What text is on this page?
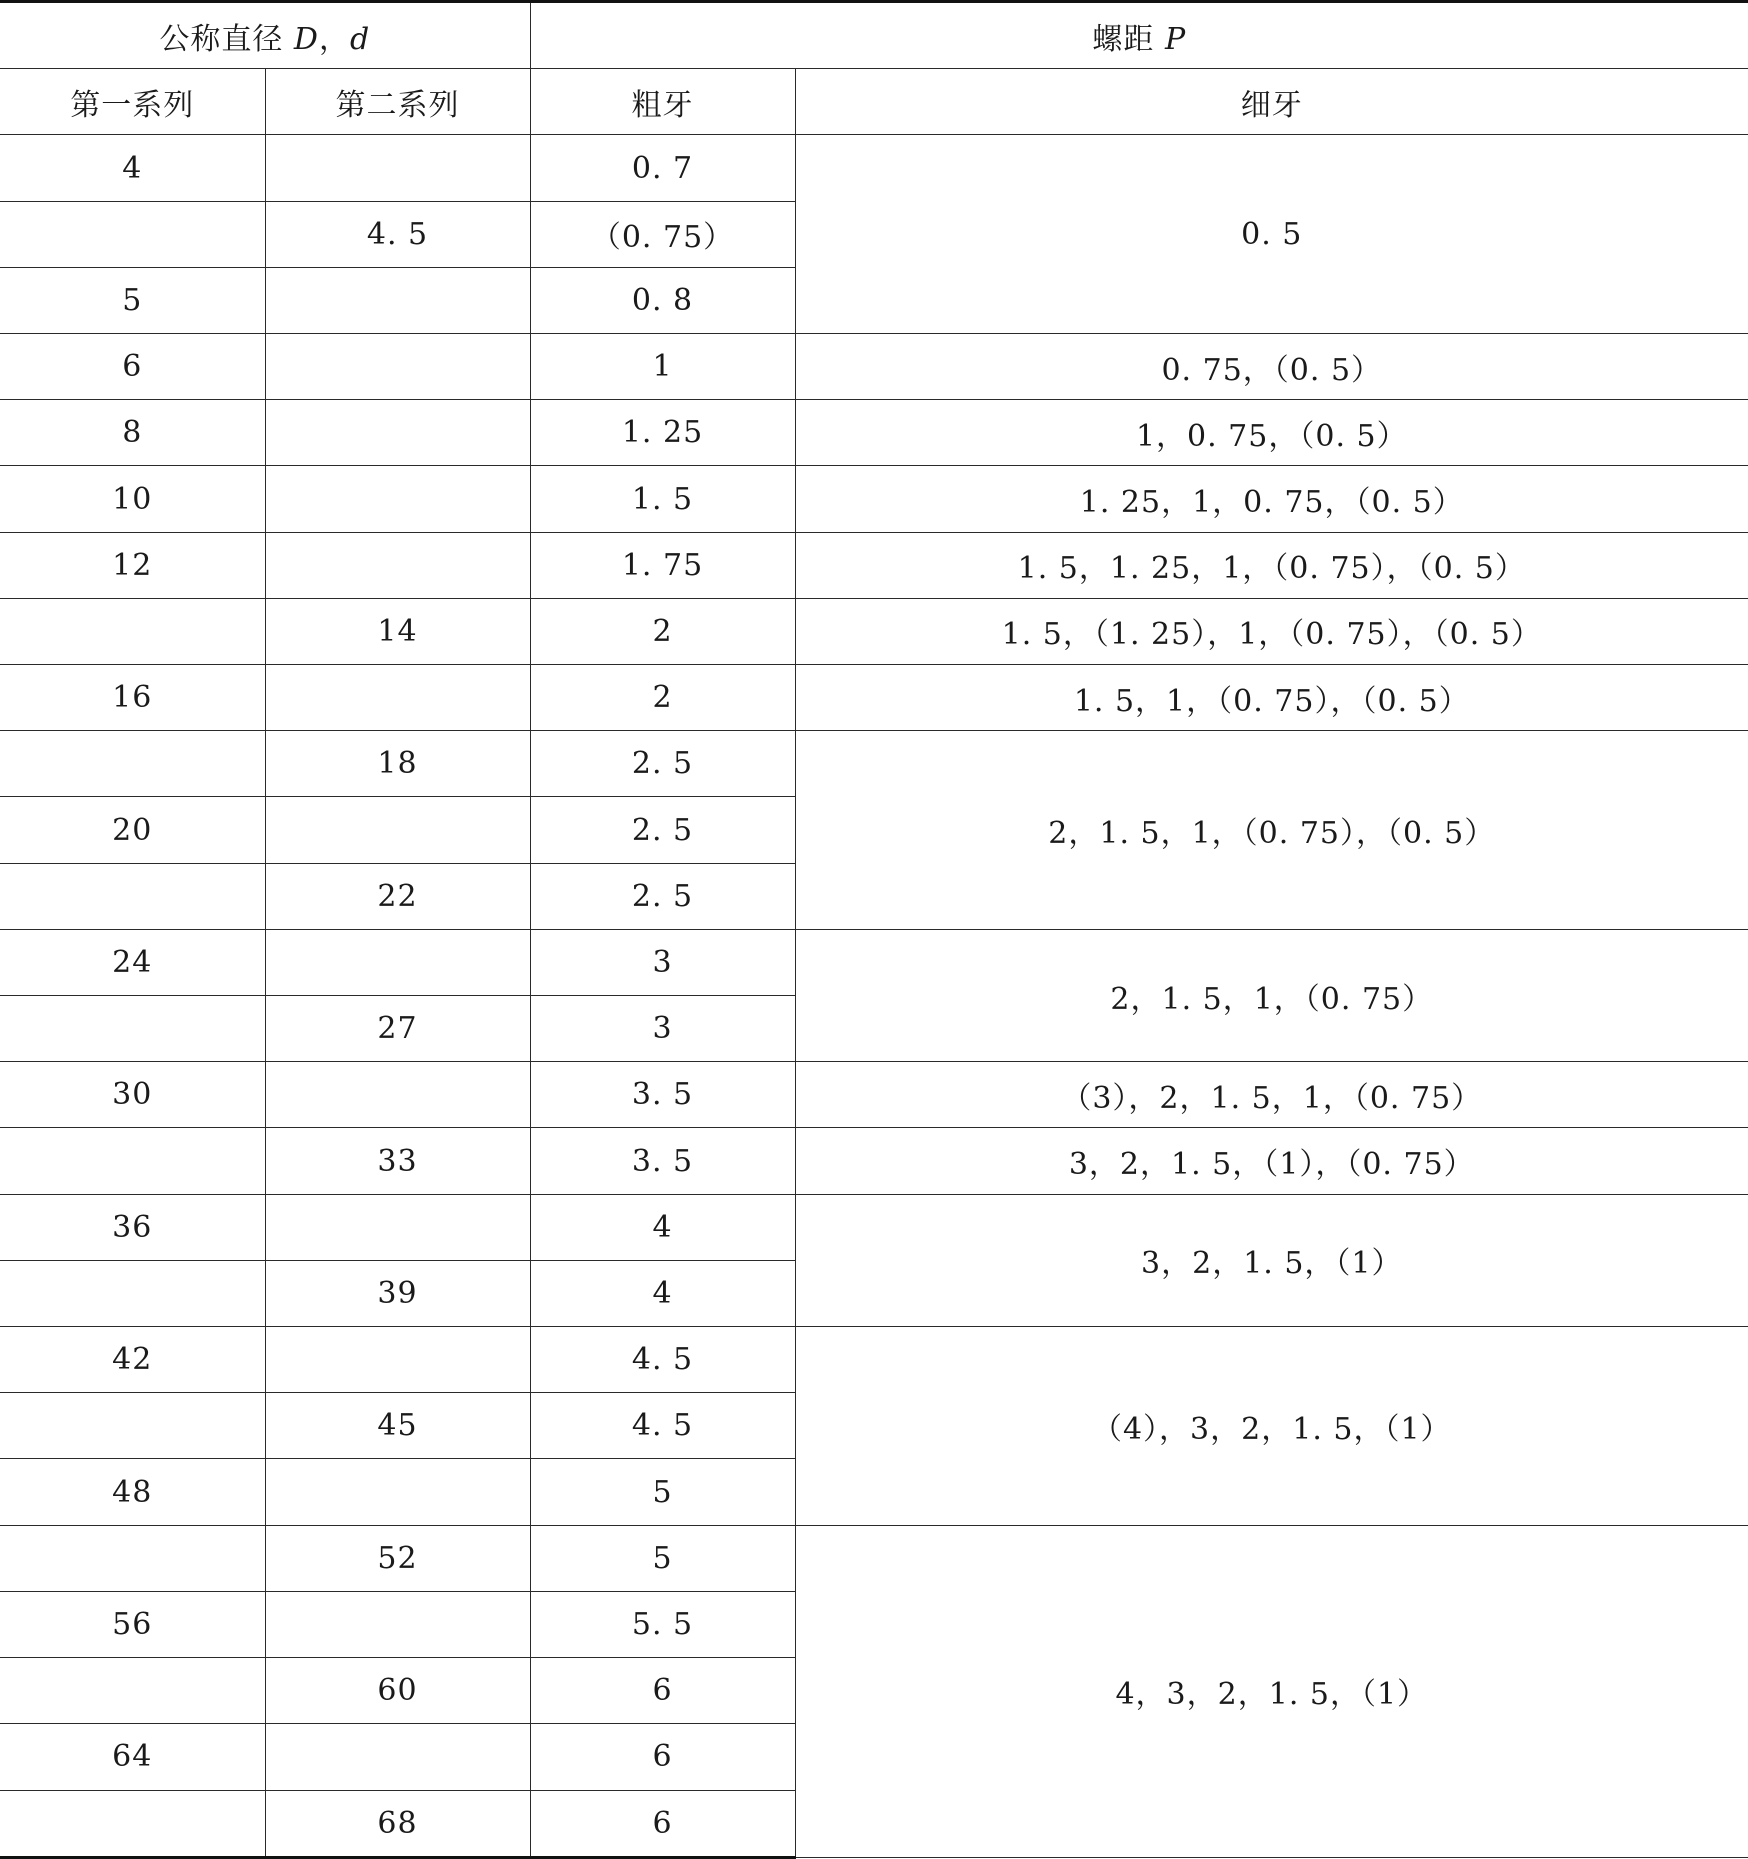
公称直径 D，d		螺距 P	
第一系列	第二系列	粗牙	细牙
4		0. 7	0. 5
	4. 5	（0. 75）	
5		0. 8	
6		1	0. 75，（0. 5）
8		1. 25	1，0. 75，（0. 5）
10		1. 5	1. 25，1，0. 75，（0. 5）
12		1. 75	1. 5，1. 25，1，（0. 75），（0. 5）
	14	2	1. 5，（1. 25），1，（0. 75），（0. 5）
16		2	1. 5，1，（0. 75），（0. 5）
	18	2. 5	2，1. 5，1，（0. 75），（0. 5）
20		2. 5	
	22	2. 5	
24		3	2，1. 5，1，（0. 75）
	27	3	
30		3. 5	（3），2，1. 5，1，（0. 75）
	33	3. 5	3，2，1. 5，（1），（0. 75）
36		4	3，2，1. 5，（1）
	39	4	
42		4. 5	（4），3，2，1. 5，（1）
	45	4. 5	
48		5	
	52	5	4，3，2，1. 5，（1）
56		5. 5	
	60	6	
64		6	
	68	6	
